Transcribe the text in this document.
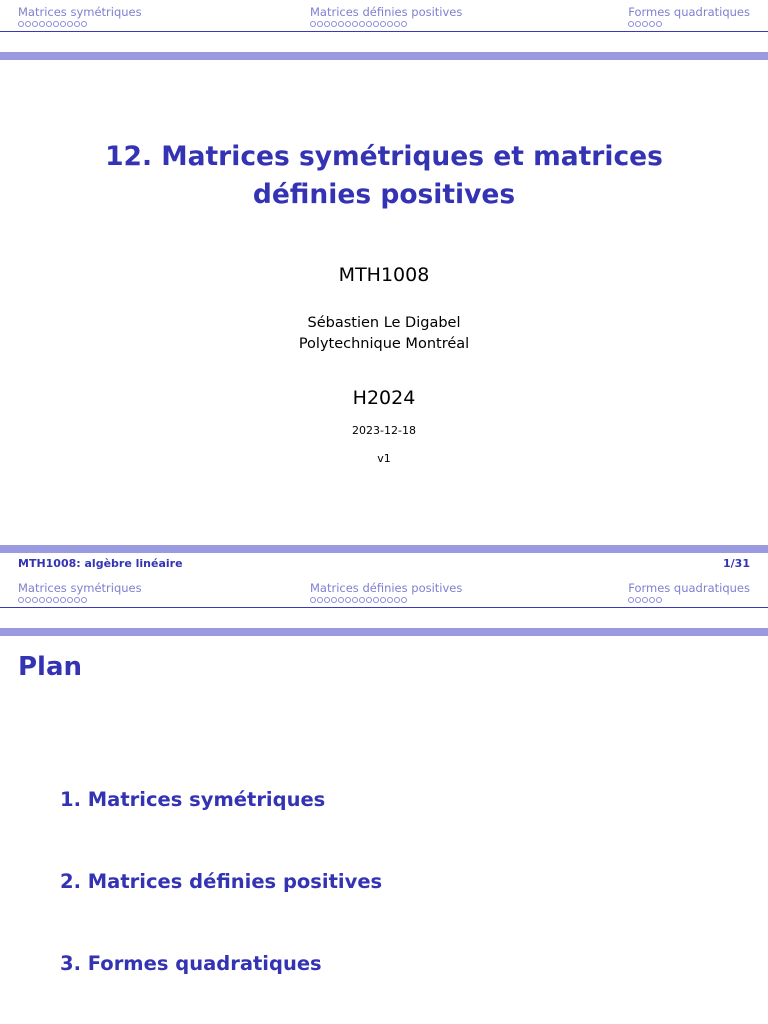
Matrices symétriques	Matrices définies positives	Formes quadratiques
12. Matrices symétriques et matrices définies positives
MTH1008
Sébastien Le Digabel
Polytechnique Montréal
H2024
2023-12-18
v1
MTH1008: algèbre linéaire	1/31
Matrices symétriques	Matrices définies positives	Formes quadratiques
Plan
1. Matrices symétriques
2. Matrices définies positives
3. Formes quadratiques
